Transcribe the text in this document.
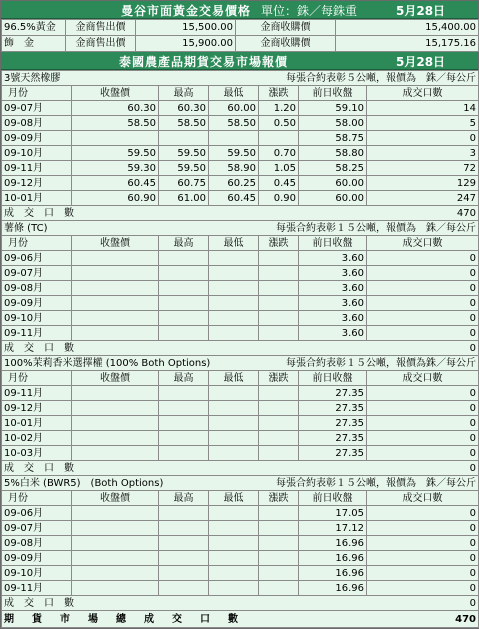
曼谷市面黃金交易價格 單位：銖／每銖重	5月28日
96.5%黃金	金商售出價	15,500.00	金商收購價	15,400.00
飾　金	金商售出價	15,900.00	金商收購價	15,175.16
泰國農產品期貨交易市場報價	5月28日
3號天然橡膠				每張合約表彰５公噸，報價為　銖／每公斤		
月份	收盤價	最高	最低	漲跌	前日收盤	成交口數
09-07月	60.30	60.30	60.00	1.20	59.10	14
09-08月	58.50	58.50	58.50	0.50	58.00	5
09-09月					58.75	0
09-10月	59.50	59.50	59.50	0.70	58.80	3
09-11月	59.30	59.50	58.90	1.05	58.25	72
09-12月	60.45	60.75	60.25	0.45	60.00	129
10-01月	60.90	61.00	60.45	0.90	60.00	247
成　交　口　數						470
薯條 (TC)				每張合約表彰１５公噸，報價為　銖／每公斤		
月份	收盤價	最高	最低	漲跌	前日收盤	成交口數
09-06月					3.60	0
09-07月					3.60	0
09-08月					3.60	0
09-09月					3.60	0
09-10月					3.60	0
09-11月					3.60	0
成　交　口　數						0
100%茉莉香米選擇權 (100% Both Options)				每張合約表彰１５公噸，報價為銖／每公斤		
月份	收盤價	最高	最低	漲跌	前日收盤	成交口數
09-11月					27.35	0
09-12月					27.35	0
10-01月					27.35	0
10-02月					27.35	0
10-03月					27.35	0
成　交　口　數						0
5%白米 (BWR5)　(Both Options)				每張合約表彰１５公噸，報價為　銖／每公斤		
月份	收盤價	最高	最低	漲跌	前日收盤	成交口數
09-06月					17.05	0
09-07月					17.12	0
09-08月					16.96	0
09-09月					16.96	0
09-10月					16.96	0
09-11月					16.96	0
成　交　口　數						0
期　貨　市　場　總　成　交　口　數						470
